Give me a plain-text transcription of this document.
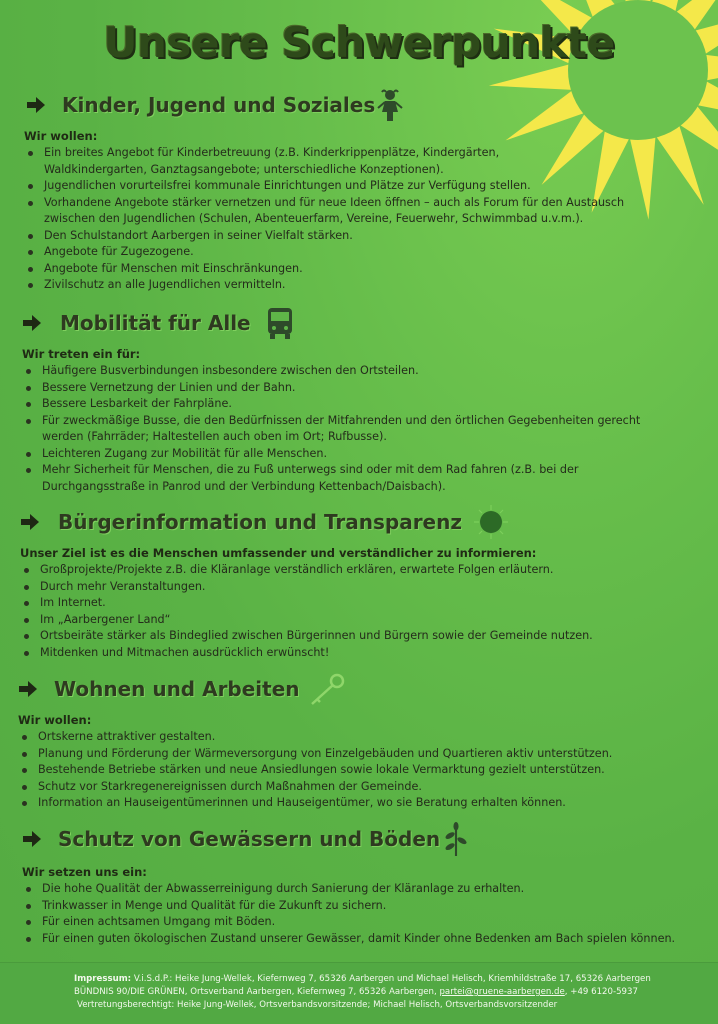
Unsere Schwerpunkte
Kinder, Jugend und Soziales
Wir wollen:
Ein breites Angebot für Kinderbetreuung (z.B. Kinderkrippenplätze, Kindergärten,
Waldkindergarten, Ganztagsangebote; unterschiedliche Konzeptionen).
Jugendlichen vorurteilsfrei kommunale Einrichtungen und Plätze zur Verfügung stellen.
Vorhandene Angebote stärker vernetzen und für neue Ideen öffnen – auch als Forum für den Austausch
zwischen den Jugendlichen (Schulen, Abenteuerfarm, Vereine, Feuerwehr, Schwimmbad u.v.m.).
Den Schulstandort Aarbergen in seiner Vielfalt stärken.
Angebote für Zugezogene.
Angebote für Menschen mit Einschränkungen.
Zivilschutz an alle Jugendlichen vermitteln.
Mobilität für Alle
Wir treten ein für:
Häufigere Busverbindungen insbesondere zwischen den Ortsteilen.
Bessere Vernetzung der Linien und der Bahn.
Bessere Lesbarkeit der Fahrpläne.
Für zweckmäßige Busse, die den Bedürfnissen der Mitfahrenden und den örtlichen Gegebenheiten gerecht
werden (Fahrräder; Haltestellen auch oben im Ort; Rufbusse).
Leichteren Zugang zur Mobilität für alle Menschen.
Mehr Sicherheit für Menschen, die zu Fuß unterwegs sind oder mit dem Rad fahren (z.B. bei der
Durchgangsstraße in Panrod und der Verbindung Kettenbach/Daisbach).
Bürgerinformation und Transparenz
Unser Ziel ist es die Menschen umfassender und verständlicher zu informieren:
Großprojekte/Projekte z.B. die Kläranlage verständlich erklären, erwartete Folgen erläutern.
Durch mehr Veranstaltungen.
Im Internet.
Im „Aarbergener Land“
Ortsbeiräte stärker als Bindeglied zwischen Bürgerinnen und Bürgern sowie der Gemeinde nutzen.
Mitdenken und Mitmachen ausdrücklich erwünscht!
Wohnen und Arbeiten
Wir wollen:
Ortskerne attraktiver gestalten.
Planung und Förderung der Wärmeversorgung von Einzelgebäuden und Quartieren aktiv unterstützen.
Bestehende Betriebe stärken und neue Ansiedlungen sowie lokale Vermarktung gezielt unterstützen.
Schutz vor Starkregenereignissen durch Maßnahmen der Gemeinde.
Information an Hauseigentümerinnen und Hauseigentümer, wo sie Beratung erhalten können.
Schutz von Gewässern und Böden
Wir setzen uns ein:
Die hohe Qualität der Abwasserreinigung durch Sanierung der Kläranlage zu erhalten.
Trinkwasser in Menge und Qualität für die Zukunft zu sichern.
Für einen achtsamen Umgang mit Böden.
Für einen guten ökologischen Zustand unserer Gewässer, damit Kinder ohne Bedenken am Bach spielen können.
Impressum: V.i.S.d.P.: Heike Jung-Wellek, Kiefernweg 7, 65326 Aarbergen und Michael Helisch, Kriemhildstraße 17, 65326 Aarbergen
BÜNDNIS 90/DIE GRÜNEN, Ortsverband Aarbergen, Kiefernweg 7, 65326 Aarbergen, partei@gruene-aarbergen.de, +49 6120-5937
Vertretungsberechtigt: Heike Jung-Wellek, Ortsverbandsvorsitzende; Michael Helisch, Ortsverbandsvorsitzender
